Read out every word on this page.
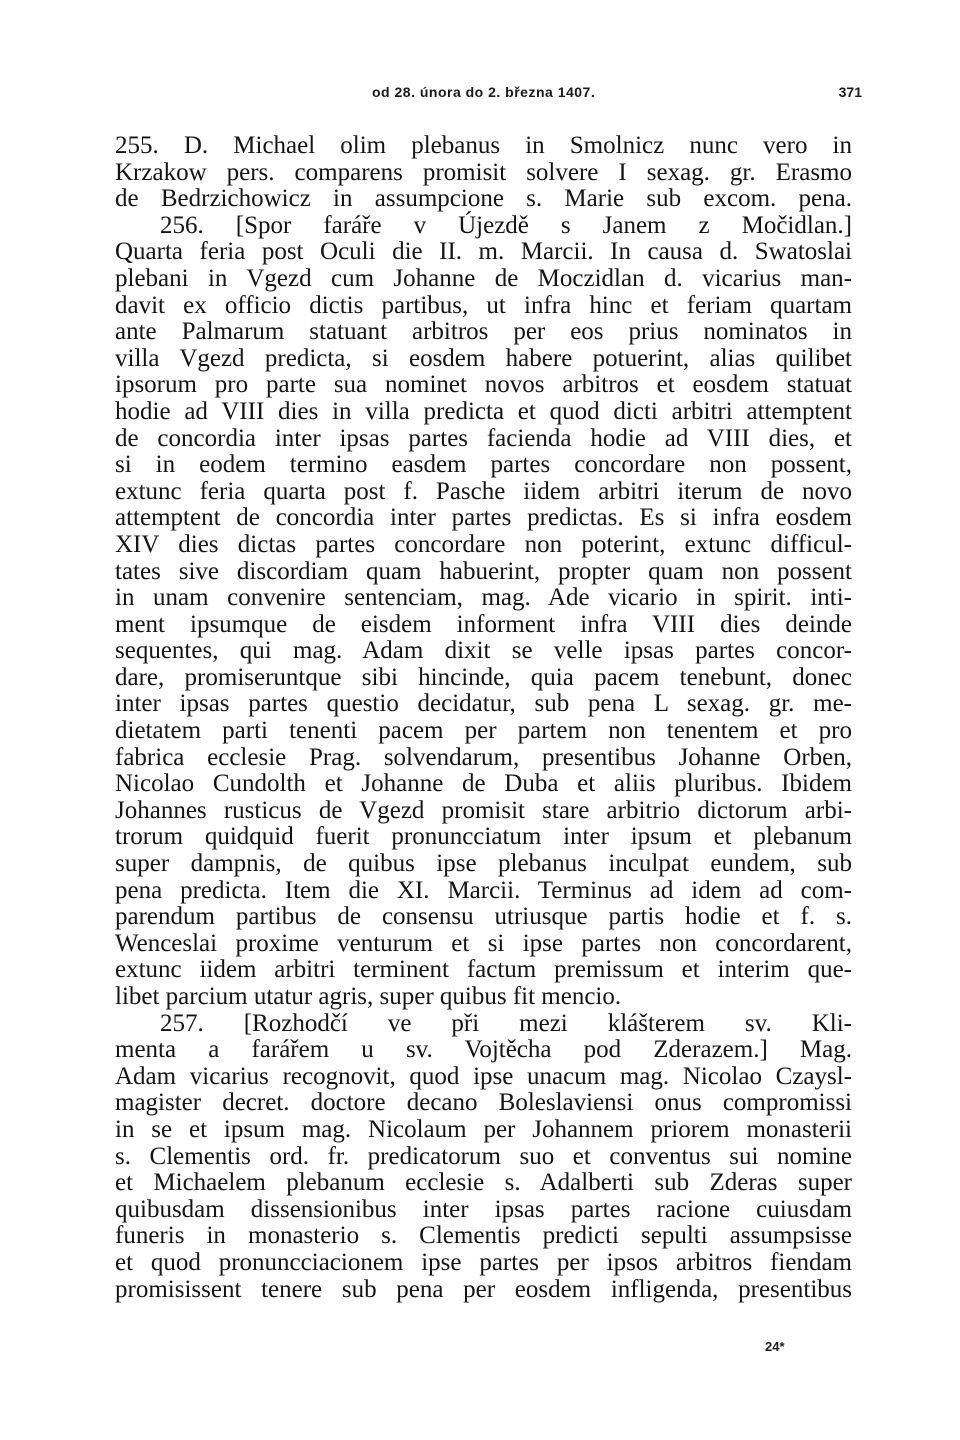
od 28. února do 2. března 1407.	371
255. D. Michael olim plebanus in Smolnicz nunc vero in
Krzakow pers. comparens promisit solvere I sexag. gr. Erasmo
de Bedrzichowicz in assumpcione s. Marie sub excom. pena.
256. [Spor faráře v Újezdě s Janem z Močidlan.]
Quarta feria post Oculi die II. m. Marcii. In causa d. Swatoslai
plebani in Vgezd cum Johanne de Moczidlan d. vicarius man-
davit ex officio dictis partibus, ut infra hinc et feriam quartam
ante Palmarum statuant arbitros per eos prius nominatos in
villa Vgezd predicta, si eosdem habere potuerint, alias quilibet
ipsorum pro parte sua nominet novos arbitros et eosdem statuat
hodie ad VIII dies in villa predicta et quod dicti arbitri attemptent
de concordia inter ipsas partes facienda hodie ad VIII dies, et
si in eodem termino easdem partes concordare non possent,
extunc feria quarta post f. Pasche iidem arbitri iterum de novo
attemptent de concordia inter partes predictas. Es si infra eosdem
XIV dies dictas partes concordare non poterint, extunc difficul-
tates sive discordiam quam habuerint, propter quam non possent
in unam convenire sentenciam, mag. Ade vicario in spirit. inti-
ment ipsumque de eisdem informent infra VIII dies deinde
sequentes, qui mag. Adam dixit se velle ipsas partes concor-
dare, promiseruntque sibi hincinde, quia pacem tenebunt, donec
inter ipsas partes questio decidatur, sub pena L sexag. gr. me-
dietatem parti tenenti pacem per partem non tenentem et pro
fabrica ecclesie Prag. solvendarum, presentibus Johanne Orben,
Nicolao Cundolth et Johanne de Duba et aliis pluribus. Ibidem
Johannes rusticus de Vgezd promisit stare arbitrio dictorum arbi-
trorum quidquid fuerit pronuncciatum inter ipsum et plebanum
super dampnis, de quibus ipse plebanus inculpat eundem, sub
pena predicta. Item die XI. Marcii. Terminus ad idem ad com-
parendum partibus de consensu utriusque partis hodie et f. s.
Wenceslai proxime venturum et si ipse partes non concordarent,
extunc iidem arbitri terminent factum premissum et interim que-
libet parcium utatur agris, super quibus fit mencio.
257. [Rozhodčí ve při mezi klášterem sv. Kli-
menta a farářem u sv. Vojtěcha pod Zderazem.] Mag.
Adam vicarius recognovit, quod ipse unacum mag. Nicolao Czaysl-
magister decret. doctore decano Boleslaviensi onus compromissi
in se et ipsum mag. Nicolaum per Johannem priorem monasterii
s. Clementis ord. fr. predicatorum suo et conventus sui nomine
et Michaelem plebanum ecclesie s. Adalberti sub Zderas super
quibusdam dissensionibus inter ipsas partes racione cuiusdam
funeris in monasterio s. Clementis predicti sepulti assumpsisse
et quod pronuncciacionem ipse partes per ipsos arbitros fiendam
promisissent tenere sub pena per eosdem infligenda, presentibus
24*
